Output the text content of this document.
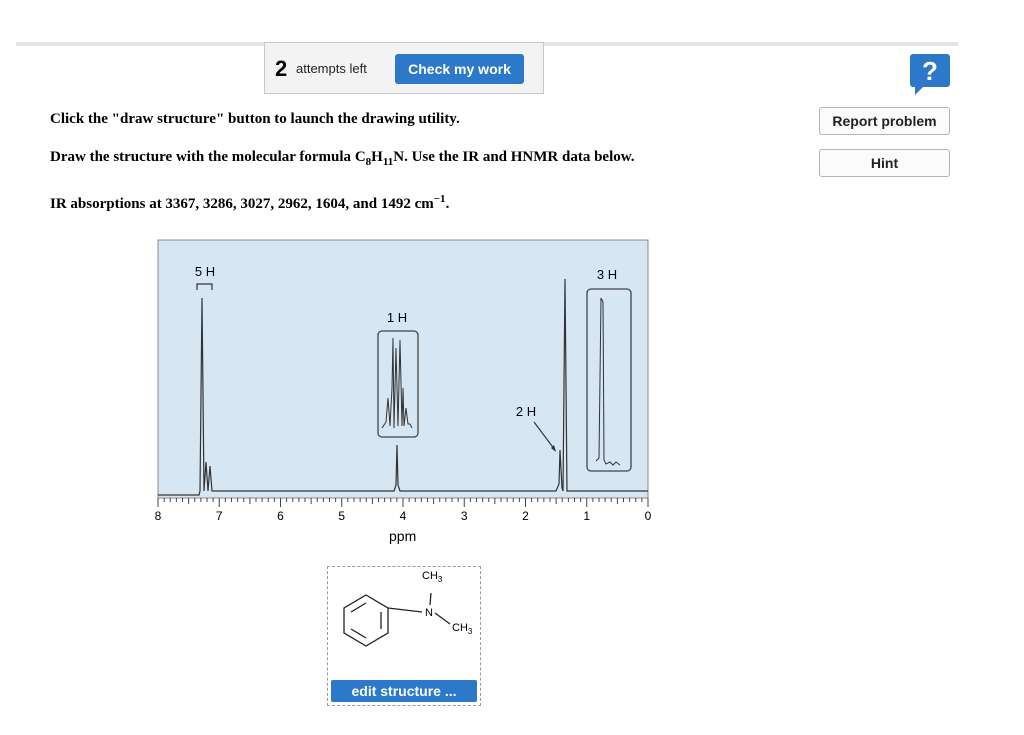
2 attempts left	Check my work	?
Report problem
Hint
Click the "draw structure" button to launch the drawing utility.
Draw the structure with the molecular formula $C_8H_{11}N$. Use the IR and HNMR data below.
IR absorptions at 3367, 3286, 3027, 2962, 1604, and 1492 $cm^{-1}$.
5 H
1 H
2 H
3 H
8	7	6	5	4	3	2	1	0
ppm
$CH_3$
N
$CH_3$
edit structure ...
